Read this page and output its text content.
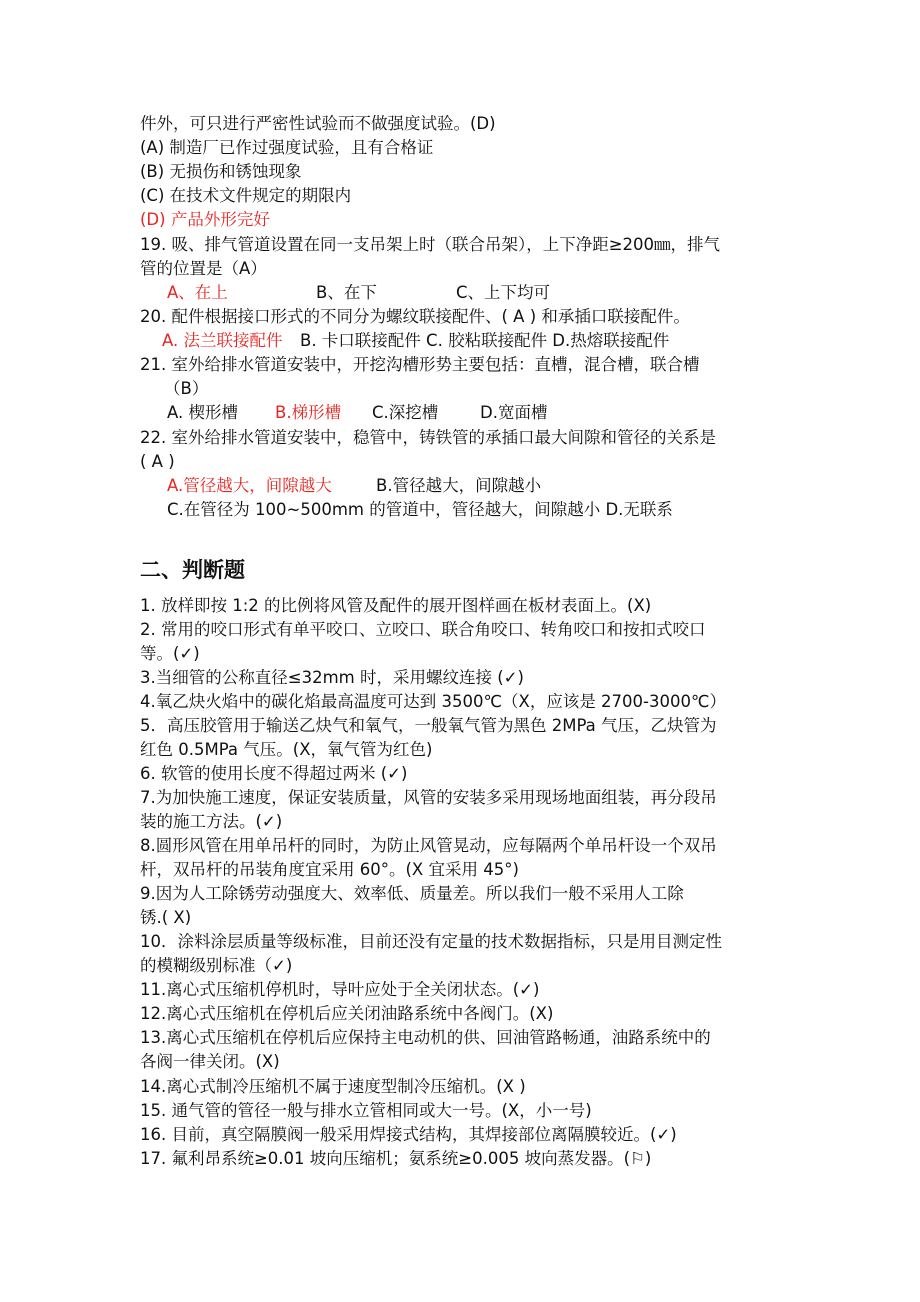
件外，可只进行严密性试验而不做强度试验。(D)
(A) 制造厂已作过强度试验，且有合格证
(B) 无损伤和锈蚀现象
(C) 在技术文件规定的期限内
(D) 产品外形完好
19. 吸、排气管道设置在同一支吊架上时（联合吊架），上下净距≥200㎜，排气
管的位置是（A）
A、在上	B、在下	C、上下均可
20. 配件根据接口形式的不同分为螺纹联接配件、( A ) 和承插口联接配件。
A. 法兰联接配件 B. 卡口联接配件 C. 胶粘联接配件 D.热熔联接配件
21. 室外给排水管道安装中，开挖沟槽形势主要包括：直槽，混合槽，联合槽
（B）
A. 楔形槽 B.梯形槽 C.深挖槽	D.宽面槽
22. 室外给排水管道安装中，稳管中，铸铁管的承插口最大间隙和管径的关系是
( A )
A.管径越大，间隙越大	B.管径越大，间隙越小
C.在管径为 100~500mm 的管道中，管径越大，间隙越小 D.无联系
二、判断题
1. 放样即按 1:2 的比例将风管及配件的展开图样画在板材表面上。(X)
2. 常用的咬口形式有单平咬口、立咬口、联合角咬口、转角咬口和按扣式咬口
等。(✓)
3.当细管的公称直径≤32mm 时，采用螺纹连接 (✓)
4.氧乙炔火焰中的碳化焰最高温度可达到 3500℃（X，应该是 2700-3000℃）
5．高压胶管用于输送乙炔气和氧气，一般氧气管为黑色 2MPa 气压，乙炔管为
红色 0.5MPa 气压。(X，氧气管为红色)
6. 软管的使用长度不得超过两米 (✓)
7.为加快施工速度，保证安装质量，风管的安装多采用现场地面组装，再分段吊
装的施工方法。(✓)
8.圆形风管在用单吊杆的同时，为防止风管晃动，应每隔两个单吊杆设一个双吊
杆，双吊杆的吊装角度宜采用 60°。(X 宜采用 45°)
9.因为人工除锈劳动强度大、效率低、质量差。所以我们一般不采用人工除
锈.( X)
10．涂料涂层质量等级标准，目前还没有定量的技术数据指标，只是用目测定性
的模糊级别标准（✓)
11.离心式压缩机停机时，导叶应处于全关闭状态。(✓)
12.离心式压缩机在停机后应关闭油路系统中各阀门。(X)
13.离心式压缩机在停机后应保持主电动机的供、回油管路畅通，油路系统中的
各阀一律关闭。(X)
14.离心式制冷压缩机不属于速度型制冷压缩机。(X )
15. 通气管的管径一般与排水立管相同或大一号。(X，小一号)
16. 目前，真空隔膜阀一般采用焊接式结构，其焊接部位离隔膜较近。(✓)
17. 氟利昂系统≥0.01 坡向压缩机；氨系统≥0.005 坡向蒸发器。(⚐)
